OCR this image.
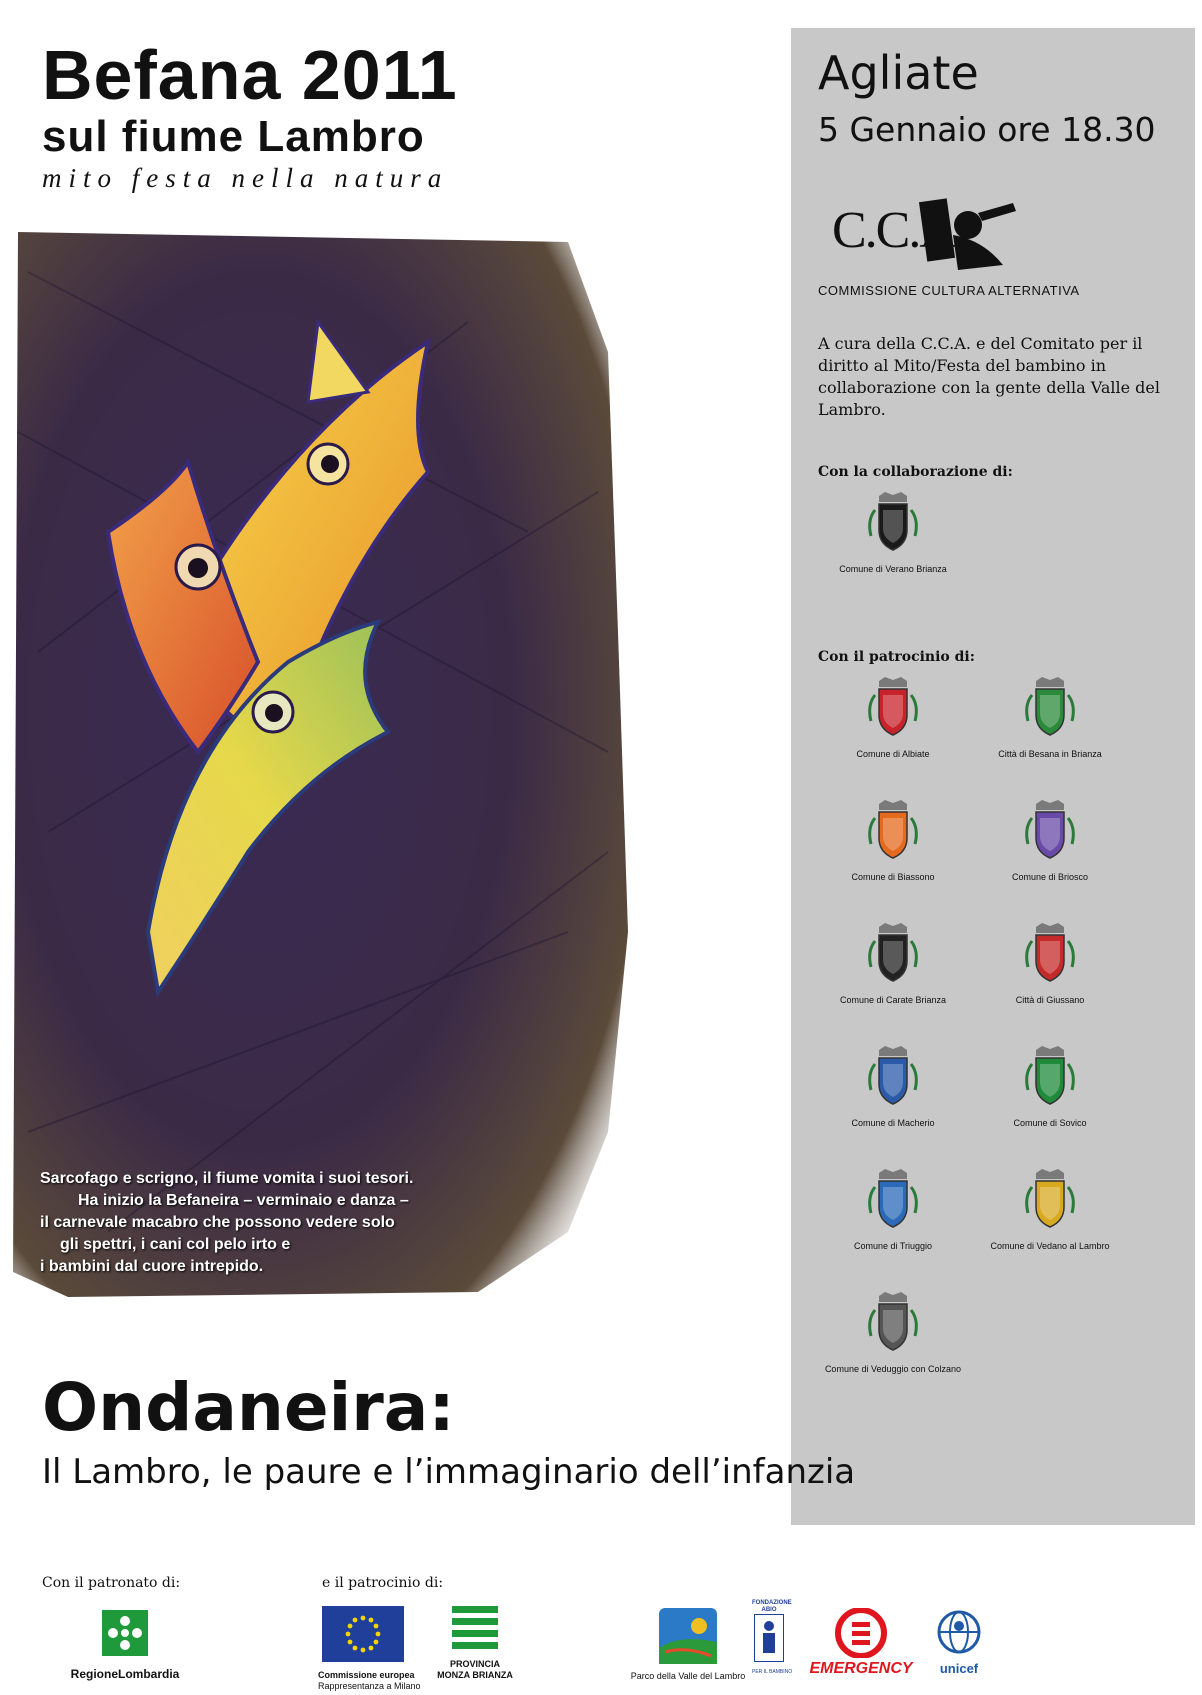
Befana 2011
sul fiume Lambro
mito festa nella natura
Sarcofago e scrigno, il fiume vomita i suoi tesori.
Ha inizio la Befaneira – verminaio e danza –
il carnevale macabro che possono vedere solo
gli spettri, i cani col pelo irto e
i bambini dal cuore intrepido.
Agliate
5 Gennaio ore 18.30
C.C.A.
COMMISSIONE CULTURA ALTERNATIVA
A cura della C.C.A. e del Comitato per il diritto al Mito/Festa del bambino in collaborazione con la gente della Valle del Lambro.
Con la collaborazione di:
Comune di Verano Brianza
Con il patrocinio di:
Comune di Albiate	Città di Besana in Brianza
Comune di Biassono	Comune di Briosco
Comune di Carate Brianza	Città di Giussano
Comune di Macherio	Comune di Sovico
Comune di Triuggio	Comune di Vedano al Lambro
Comune di Veduggio con Colzano
Ondaneira:
Il Lambro, le paure e l’immaginario dell’infanzia
Con il patronato di:	e il patrocinio di:
RegioneLombardia	Commissione europea
Rappresentanza a Milano
PROVINCIA
MONZA BRIANZA	Parco della Valle del Lambro
FONDAZIONE ABIO
PER IL BAMBINO EMERGENCY	unicef
